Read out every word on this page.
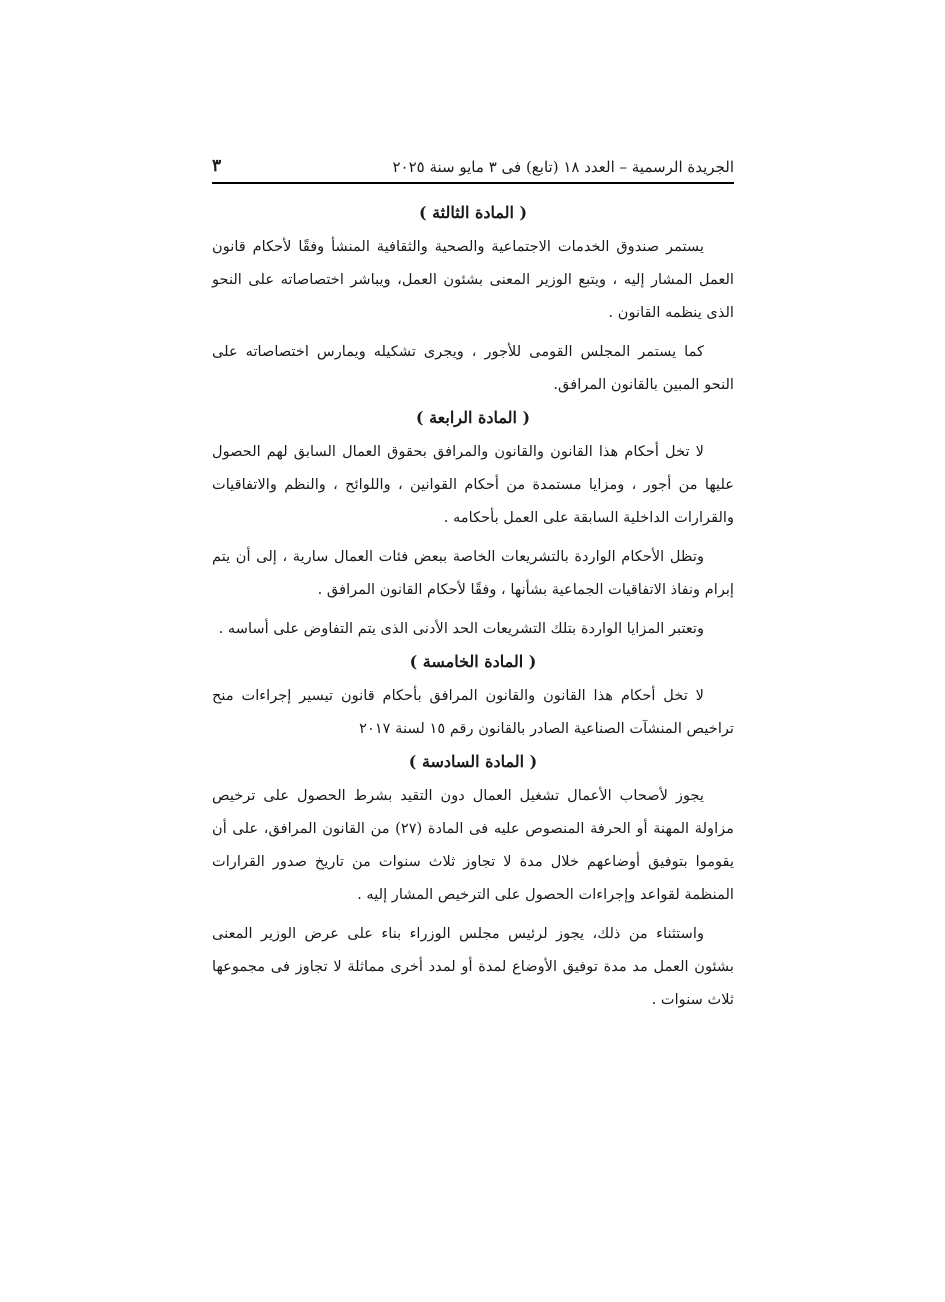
الجريدة الرسمية – العدد ١٨ (تابع) فى ٣ مايو سنة ٢٠٢٥
٣
( المادة الثالثة )

يستمر صندوق الخدمات الاجتماعية والصحية والثقافية المنشأ وفقًا لأحكام قانون العمل المشار إليه ، ويتبع الوزير المعنى بشئون العمل، ويباشر اختصاصاته على النحو الذى ينظمه القانون .

كما يستمر المجلس القومى للأجور ، ويجرى تشكيله ويمارس اختصاصاته على النحو المبين بالقانون المرافق.

( المادة الرابعة )

لا تخل أحكام هذا القانون والقانون والمرافق بحقوق العمال السابق لهم الحصول عليها من أجور ، ومزايا مستمدة من أحكام القوانين ، واللوائح ، والنظم والاتفاقيات والقرارات الداخلية السابقة على العمل بأحكامه .

وتظل الأحكام الواردة بالتشريعات الخاصة ببعض فئات العمال سارية ، إلى أن يتم إبرام ونفاذ الاتفاقيات الجماعية بشأنها ، وفقًا لأحكام القانون المرافق .

وتعتبر المزايا الواردة بتلك التشريعات الحد الأدنى الذى يتم التفاوض على أساسه .

( المادة الخامسة )

لا تخل أحكام هذا القانون والقانون المرافق بأحكام قانون تيسير إجراءات منح تراخيص المنشآت الصناعية الصادر بالقانون رقم ١٥ لسنة ٢٠١٧

( المادة السادسة )

يجوز لأصحاب الأعمال تشغيل العمال دون التقيد بشرط الحصول على ترخيص مزاولة المهنة أو الحرفة المنصوص عليه فى المادة (٢٧) من القانون المرافق، على أن يقوموا بتوفيق أوضاعهم خلال مدة لا تجاوز ثلاث سنوات من تاريخ صدور القرارات المنظمة لقواعد وإجراءات الحصول على الترخيص المشار إليه .

واستثناء من ذلك، يجوز لرئيس مجلس الوزراء بناء على عرض الوزير المعنى بشئون العمل مد مدة توفيق الأوضاع لمدة أو لمدد أخرى مماثلة لا تجاوز فى مجموعها ثلاث سنوات .
